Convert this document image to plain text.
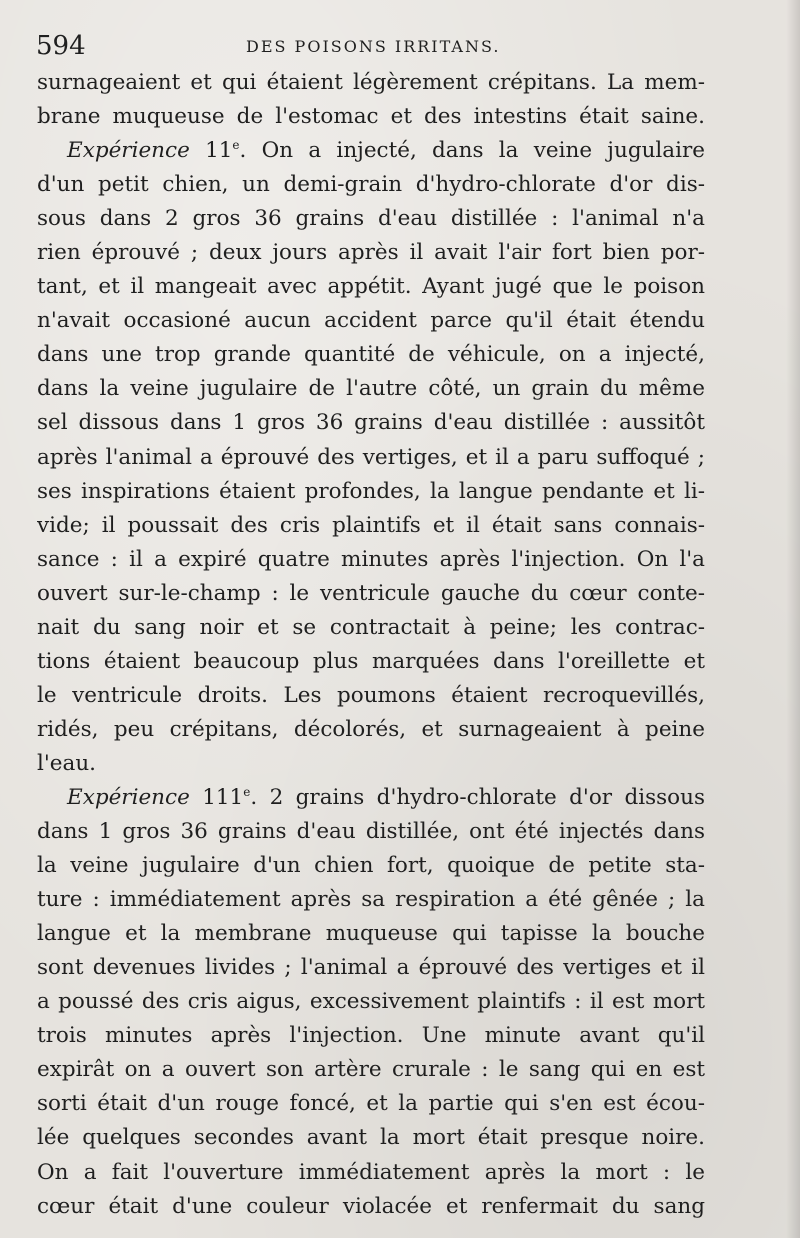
594	DES POISONS IRRITANS.
surnageaient et qui étaient légèrement crépitans. La mem-
brane muqueuse de l'estomac et des intestins était saine.
Expérience 11e. On a injecté, dans la veine jugulaire
d'un petit chien, un demi-grain d'hydro-chlorate d'or dis-
sous dans 2 gros 36 grains d'eau distillée : l'animal n'a
rien éprouvé ; deux jours après il avait l'air fort bien por-
tant, et il mangeait avec appétit. Ayant jugé que le poison
n'avait occasioné aucun accident parce qu'il était étendu
dans une trop grande quantité de véhicule, on a injecté,
dans la veine jugulaire de l'autre côté, un grain du même
sel dissous dans 1 gros 36 grains d'eau distillée : aussitôt
après l'animal a éprouvé des vertiges, et il a paru suffoqué ;
ses inspirations étaient profondes, la langue pendante et li-
vide; il poussait des cris plaintifs et il était sans connais-
sance : il a expiré quatre minutes après l'injection. On l'a
ouvert sur-le-champ : le ventricule gauche du cœur conte-
nait du sang noir et se contractait à peine; les contrac-
tions étaient beaucoup plus marquées dans l'oreillette et
le ventricule droits. Les poumons étaient recroquevillés,
ridés, peu crépitans, décolorés, et surnageaient à peine
l'eau.
Expérience 111e. 2 grains d'hydro-chlorate d'or dissous
dans 1 gros 36 grains d'eau distillée, ont été injectés dans
la veine jugulaire d'un chien fort, quoique de petite sta-
ture : immédiatement après sa respiration a été gênée ; la
langue et la membrane muqueuse qui tapisse la bouche
sont devenues livides ; l'animal a éprouvé des vertiges et il
a poussé des cris aigus, excessivement plaintifs : il est mort
trois minutes après l'injection. Une minute avant qu'il
expirât on a ouvert son artère crurale : le sang qui en est
sorti était d'un rouge foncé, et la partie qui s'en est écou-
lée quelques secondes avant la mort était presque noire.
On a fait l'ouverture immédiatement après la mort : le
cœur était d'une couleur violacée et renfermait du sang
